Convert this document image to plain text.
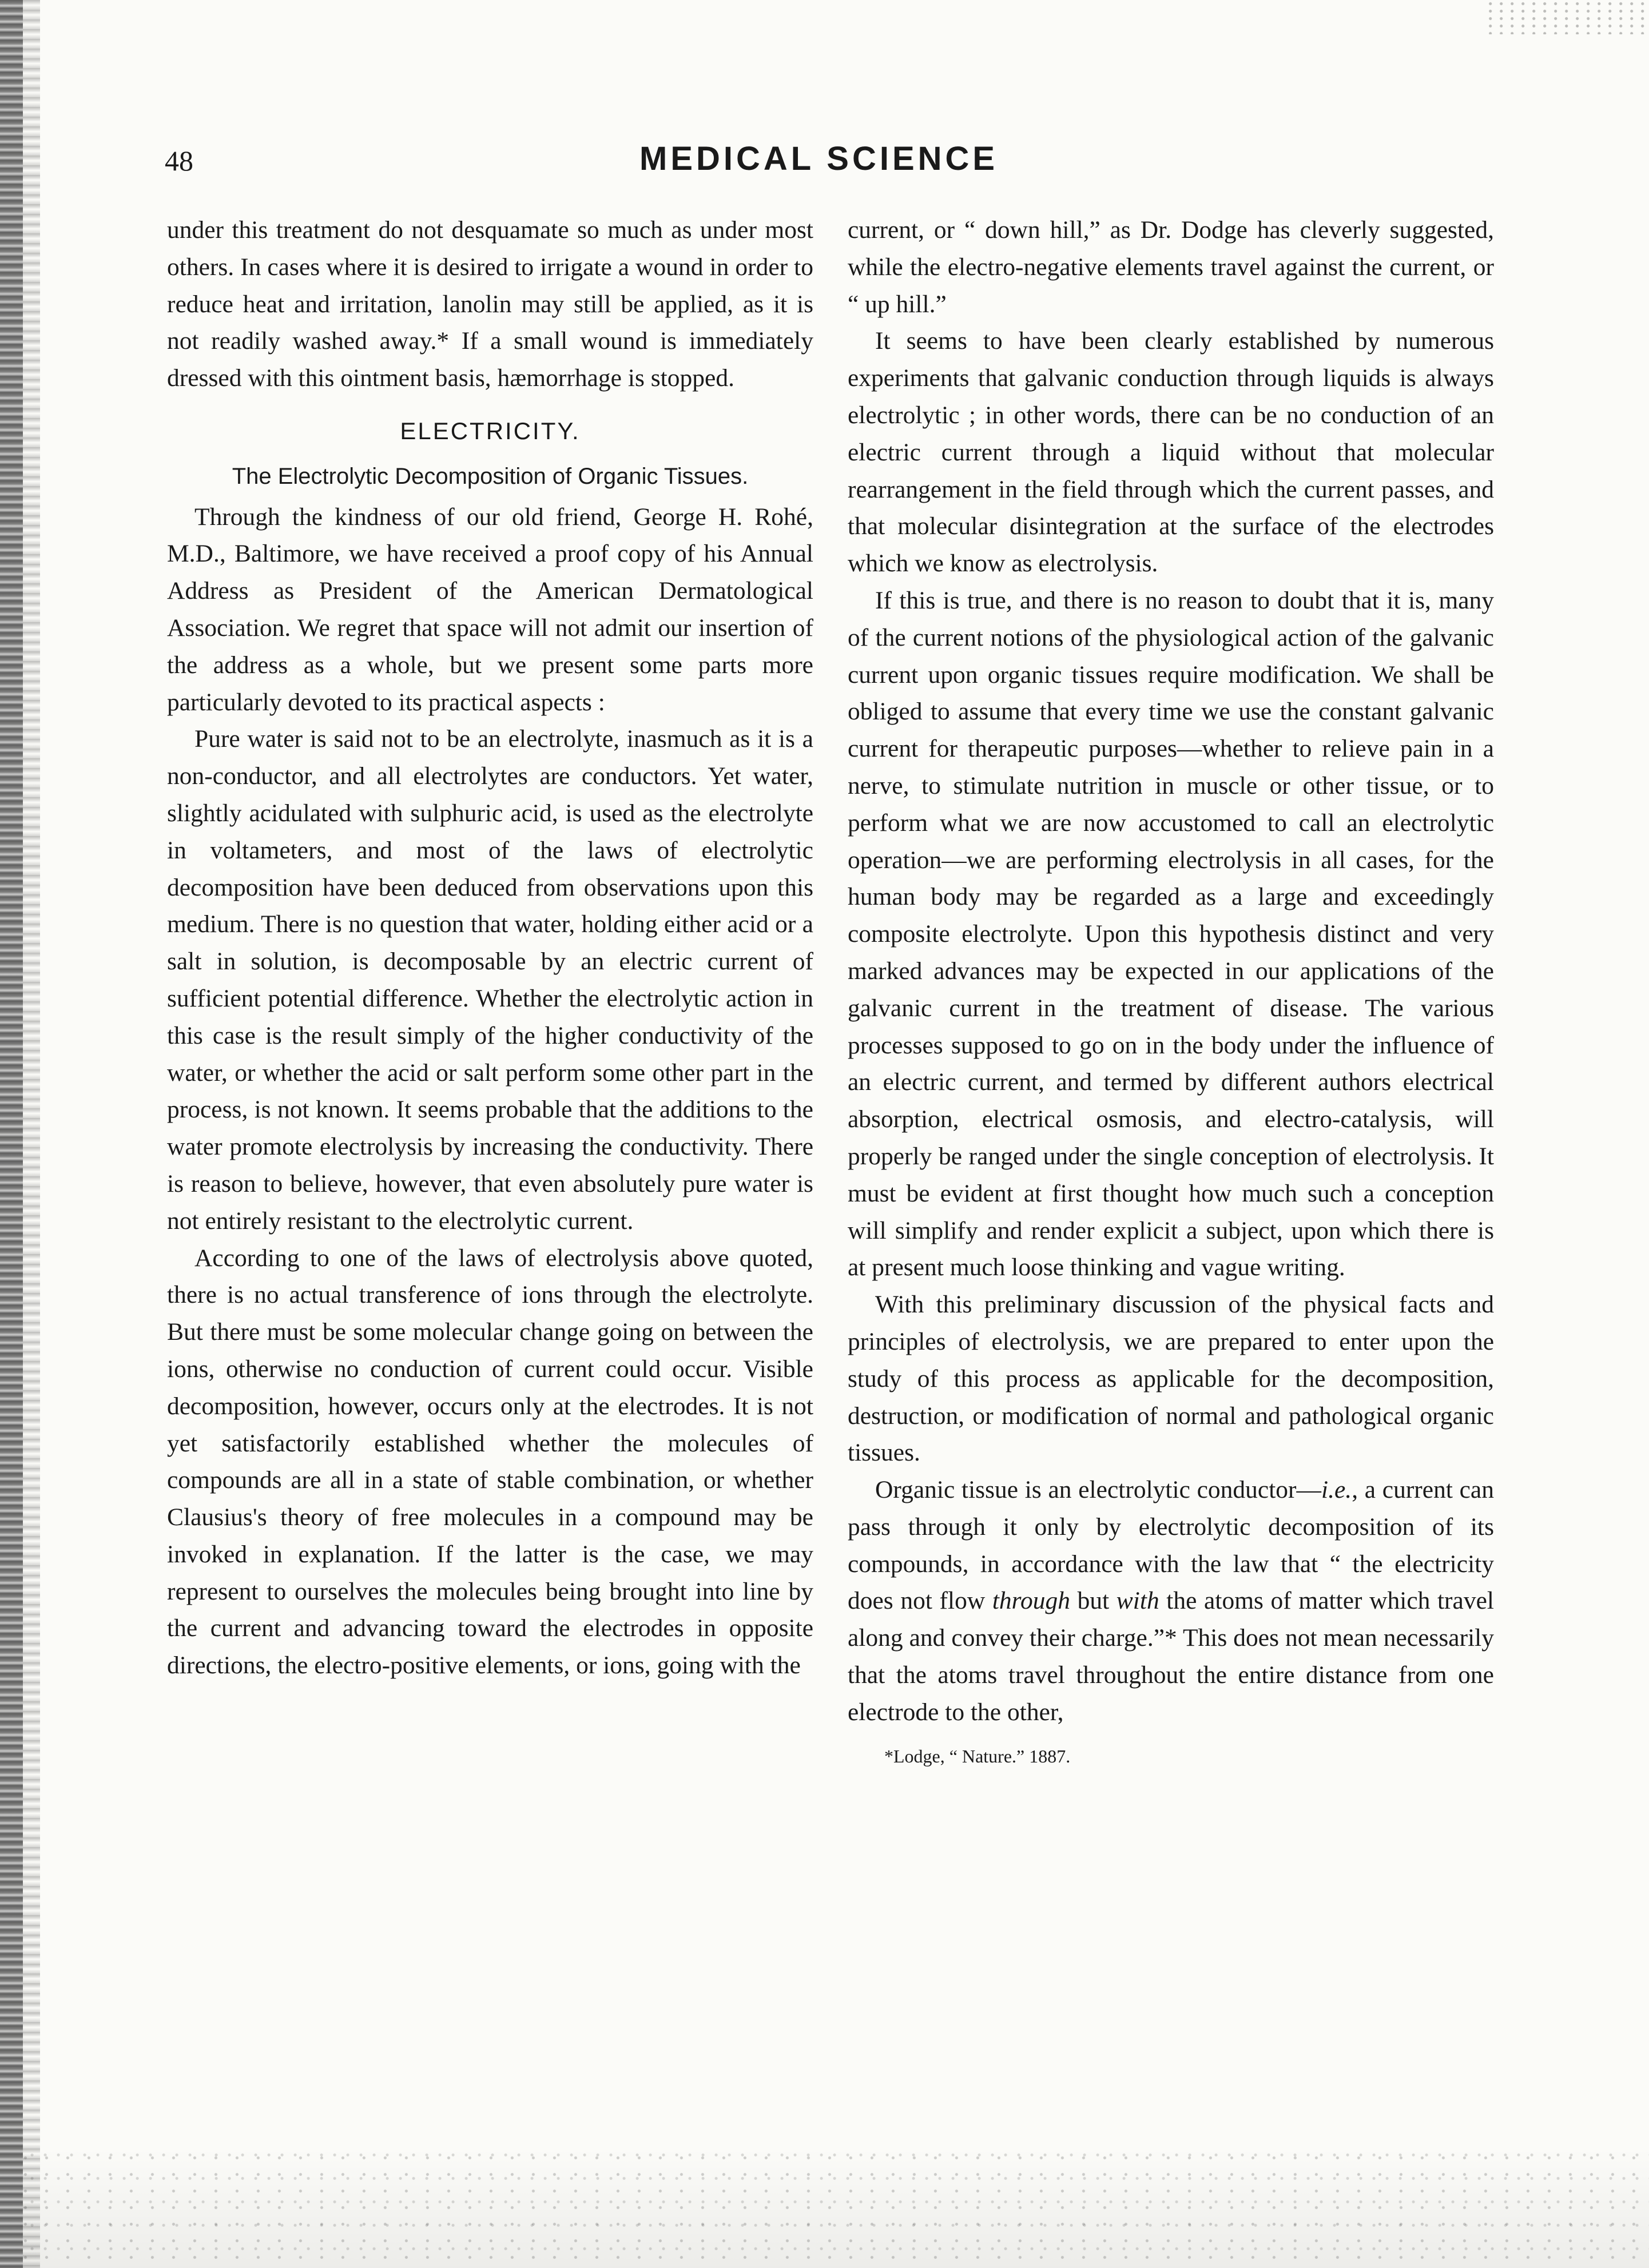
48	MEDICAL SCIENCE

under this treatment do not desquamate so much as under most others. In cases where it is desired to irrigate a wound in order to reduce heat and irritation, lanolin may still be applied, as it is not readily washed away.* If a small wound is immediately dressed with this ointment basis, hæmorrhage is stopped.

ELECTRICITY.
The Electrolytic Decomposition of Organic Tissues.

Through the kindness of our old friend, George H. Rohé, M.D., Baltimore, we have received a proof copy of his Annual Address as President of the American Dermatological Association. We regret that space will not admit our insertion of the address as a whole, but we present some parts more particularly devoted to its practical aspects :

Pure water is said not to be an electrolyte, inasmuch as it is a non-conductor, and all electrolytes are conductors. Yet water, slightly acidulated with sulphuric acid, is used as the electrolyte in voltameters, and most of the laws of electrolytic decomposition have been deduced from observations upon this medium. There is no question that water, holding either acid or a salt in solution, is decomposable by an electric current of sufficient potential difference. Whether the electrolytic action in this case is the result simply of the higher conductivity of the water, or whether the acid or salt perform some other part in the process, is not known. It seems probable that the additions to the water promote electrolysis by increasing the conductivity. There is reason to believe, however, that even absolutely pure water is not entirely resistant to the electrolytic current.

According to one of the laws of electrolysis above quoted, there is no actual transference of ions through the electrolyte. But there must be some molecular change going on between the ions, otherwise no conduction of current could occur. Visible decomposition, however, occurs only at the electrodes. It is not yet satisfactorily established whether the molecules of compounds are all in a state of stable combination, or whether Clausius's theory of free molecules in a compound may be invoked in explanation. If the latter is the case, we may represent to ourselves the molecules being brought into line by the current and advancing toward the electrodes in opposite directions, the electro-positive elements, or ions, going with the

current, or “ down hill,” as Dr. Dodge has cleverly suggested, while the electro-negative elements travel against the current, or “ up hill.”

It seems to have been clearly established by numerous experiments that galvanic conduction through liquids is always electrolytic ; in other words, there can be no conduction of an electric current through a liquid without that molecular rearrangement in the field through which the current passes, and that molecular disintegration at the surface of the electrodes which we know as electrolysis.

If this is true, and there is no reason to doubt that it is, many of the current notions of the physiological action of the galvanic current upon organic tissues require modification. We shall be obliged to assume that every time we use the constant galvanic current for therapeutic purposes—whether to relieve pain in a nerve, to stimulate nutrition in muscle or other tissue, or to perform what we are now accustomed to call an electrolytic operation—we are performing electrolysis in all cases, for the human body may be regarded as a large and exceedingly composite electrolyte. Upon this hypothesis distinct and very marked advances may be expected in our applications of the galvanic current in the treatment of disease. The various processes supposed to go on in the body under the influence of an electric current, and termed by different authors electrical absorption, electrical osmosis, and electro-catalysis, will properly be ranged under the single conception of electrolysis. It must be evident at first thought how much such a conception will simplify and render explicit a subject, upon which there is at present much loose thinking and vague writing.

With this preliminary discussion of the physical facts and principles of electrolysis, we are prepared to enter upon the study of this process as applicable for the decomposition, destruction, or modification of normal and pathological organic tissues.

Organic tissue is an electrolytic conductor—i.e., a current can pass through it only by electrolytic decomposition of its compounds, in accordance with the law that “ the electricity does not flow through but with the atoms of matter which travel along and convey their charge.”* This does not mean necessarily that the atoms travel throughout the entire distance from one electrode to the other,

*Lodge, “ Nature.” 1887.
